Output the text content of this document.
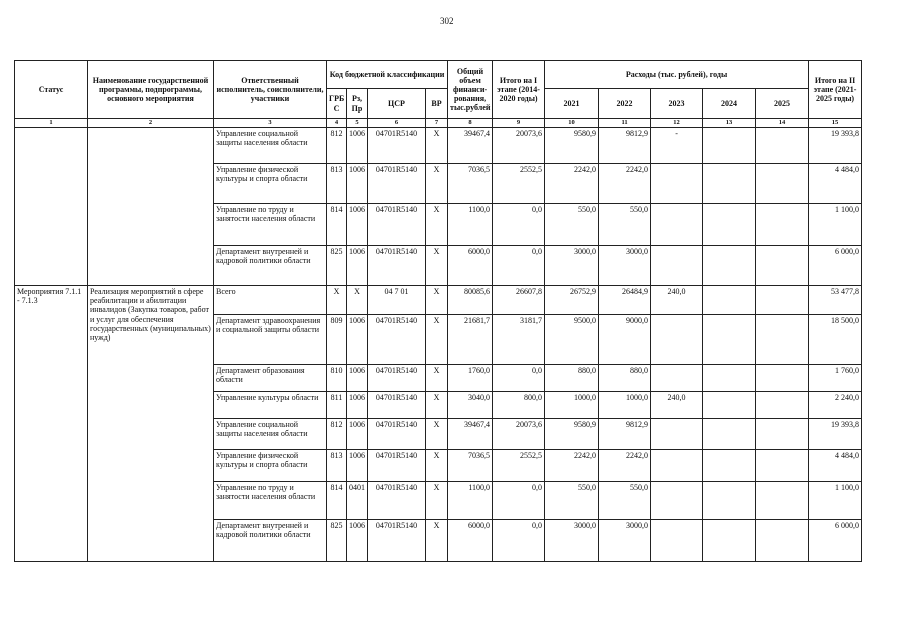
302
Статус	Наименование государственной программы, подпрограммы, основного мероприятия	Ответственный исполнитель, соисполнители, участники	Код бюджетной классификации				Общий объем финанси-рования, тыс.рублей	Итого на I этапе (2014-2020 годы)	Расходы (тыс. рублей), годы					Итого на II этапе (2021-2025 годы)
			ГРБ С	Рз, Пр	ЦСР	ВР			2021	2022	2023	2024	2025	
1	2	3	4	5	6	7	8	9	10	11	12	13	14	15
		Управление социальной защиты населения области	812	1006	04701R5140	X	39467,4	20073,6	9580,9	9812,9	-			19 393,8
		Управление физической культуры и спорта области	813	1006	04701R5140	X	7036,5	2552,5	2242,0	2242,0				4 484,0
		Управление по труду и занятости населения области	814	1006	04701R5140	X	1100,0	0,0	550,0	550,0				1 100,0
		Департамент внутренней и кадровой политики области	825	1006	04701R5140	X	6000,0	0,0	3000,0	3000,0				6 000,0
Мероприятия 7.1.1 - 7.1.3	Реализация мероприятий в сфере реабилитации и абилитации инвалидов (Закупка товаров, работ и услуг для обеспечения государственных (муниципальных) нужд)	Всего	X	X	04 7 01	X	80085,6	26607,8	26752,9	26484,9	240,0			53 477,8
		Департамент здравоохранения и социальной защиты области	809	1006	04701R5140	X	21681,7	3181,7	9500,0	9000,0				18 500,0
		Департамент образования области	810	1006	04701R5140	X	1760,0	0,0	880,0	880,0				1 760,0
		Управление культуры области	811	1006	04701R5140	X	3040,0	800,0	1000,0	1000,0	240,0			2 240,0
		Управление социальной защиты населения области	812	1006	04701R5140	X	39467,4	20073,6	9580,9	9812,9				19 393,8
		Управление физической культуры и спорта области	813	1006	04701R5140	X	7036,5	2552,5	2242,0	2242,0				4 484,0
		Управление по труду и занятости населения области	814	0401	04701R5140	X	1100,0	0,0	550,0	550,0				1 100,0
		Департамент внутренней и кадровой политики области	825	1006	04701R5140	X	6000,0	0,0	3000,0	3000,0				6 000,0
